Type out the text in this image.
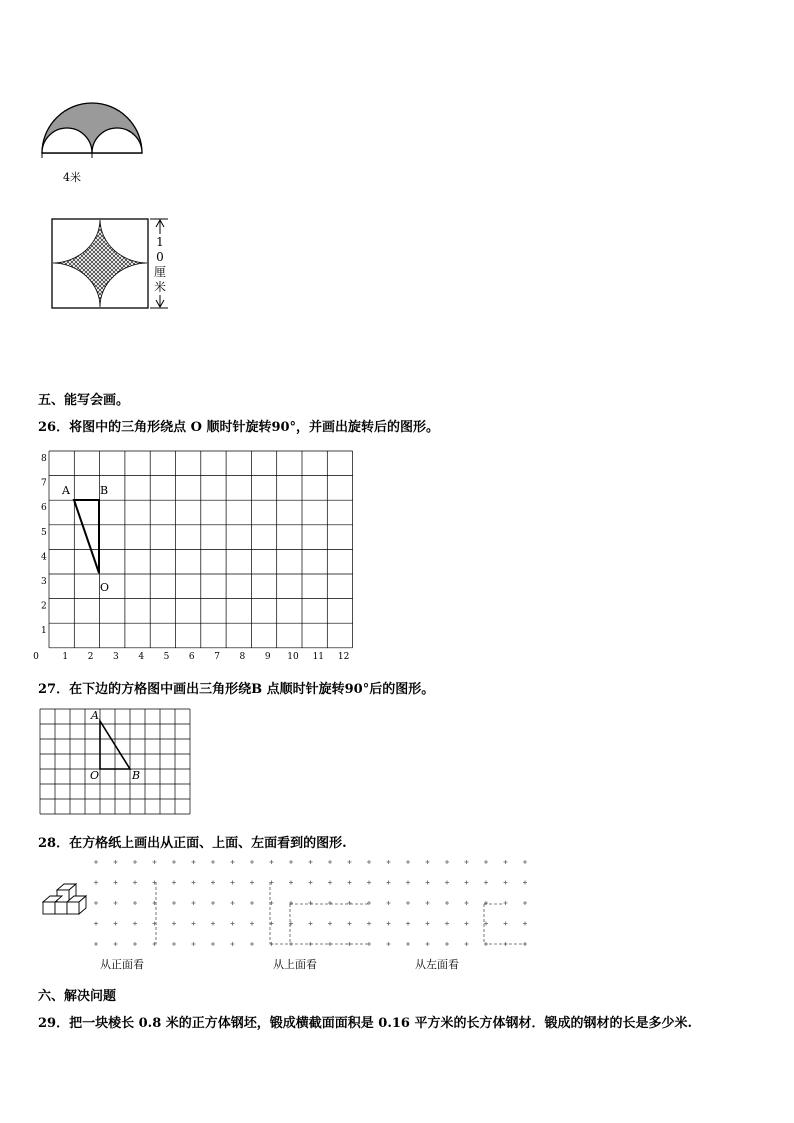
4米
10厘米
五、能写会画。
26．将图中的三角形绕点 O 顺时针旋转90°，并画出旋转后的图形。
A	B
O
0	1 2 3 4 5 6 7 8 9 10 11 12
1
2
3
4
5
6
7
8
27．在下边的方格图中画出三角形绕B 点顺时针旋转90°后的图形。
A
O	B
28．在方格纸上画出从正面、上面、左面看到的图形.
从正面看	从上面看	从左面看
六、解决问题
29．把一块棱长 0.8 米的正方体钢坯，锻成横截面面积是 0.16 平方米的长方体钢材．锻成的钢材的长是多少米.
